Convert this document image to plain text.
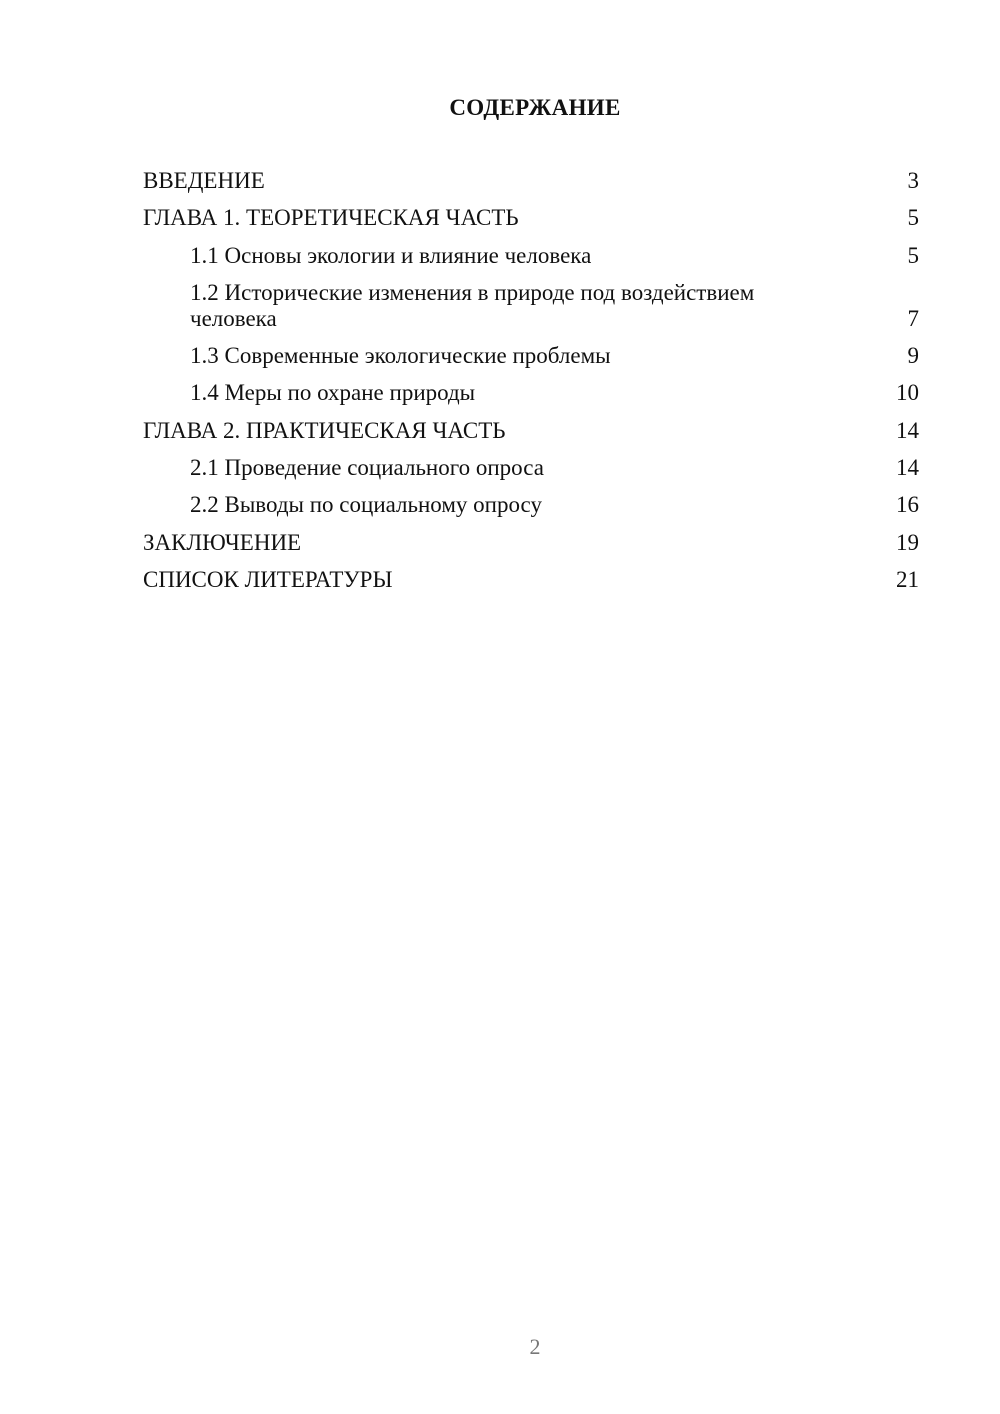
СОДЕРЖАНИЕ
ВВЕДЕНИЕ	3
ГЛАВА 1. ТЕОРЕТИЧЕСКАЯ ЧАСТЬ	5
1.1 Основы экологии и влияние человека	5
1.2 Исторические изменения в природе под воздействием человека	7
1.3 Современные экологические проблемы	9
1.4 Меры по охране природы	10
ГЛАВА 2. ПРАКТИЧЕСКАЯ ЧАСТЬ	14
2.1 Проведение социального опроса	14
2.2 Выводы по социальному опросу	16
ЗАКЛЮЧЕНИЕ	19
СПИСОК ЛИТЕРАТУРЫ	21
2
